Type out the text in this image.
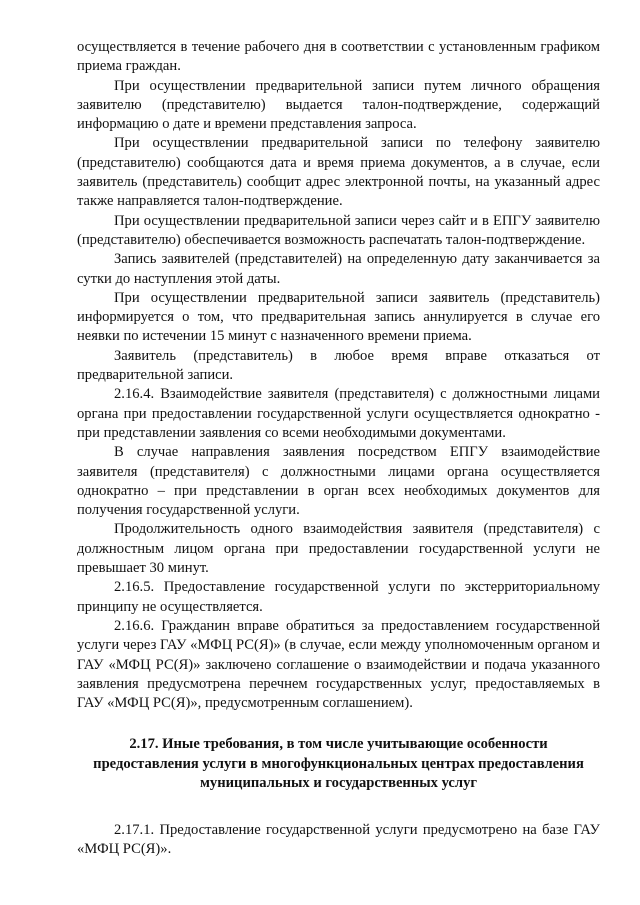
осуществляется в течение рабочего дня в соответствии с установленным графиком приема граждан.

При осуществлении предварительной записи путем личного обращения заявителю (представителю) выдается талон-подтверждение, содержащий информацию о дате и времени представления запроса.

При осуществлении предварительной записи по телефону заявителю (представителю) сообщаются дата и время приема документов, а в случае, если заявитель (представитель) сообщит адрес электронной почты, на указанный адрес также направляется талон-подтверждение.

При осуществлении предварительной записи через сайт и в ЕПГУ заявителю (представителю) обеспечивается возможность распечатать талон-подтверждение.

Запись заявителей (представителей) на определенную дату заканчивается за сутки до наступления этой даты.

При осуществлении предварительной записи заявитель (представитель) информируется о том, что предварительная запись аннулируется в случае его неявки по истечении 15 минут с назначенного времени приема.

Заявитель (представитель) в любое время вправе отказаться от предварительной записи.

2.16.4. Взаимодействие заявителя (представителя) с должностными лицами органа при предоставлении государственной услуги осуществляется однократно - при представлении заявления со всеми необходимыми документами.

В случае направления заявления посредством ЕПГУ взаимодействие заявителя (представителя) с должностными лицами органа осуществляется однократно – при представлении в орган всех необходимых документов для получения государственной услуги.

Продолжительность одного взаимодействия заявителя (представителя) с должностным лицом органа при предоставлении государственной услуги не превышает 30 минут.

2.16.5. Предоставление государственной услуги по экстерриториальному принципу не осуществляется.

2.16.6. Гражданин вправе обратиться за предоставлением государственной услуги через ГАУ «МФЦ РС(Я)» (в случае, если между уполномоченным органом и ГАУ «МФЦ РС(Я)» заключено соглашение о взаимодействии и подача указанного заявления предусмотрена перечнем государственных услуг, предоставляемых в ГАУ «МФЦ РС(Я)», предусмотренным соглашением).

2.17. Иные требования, в том числе учитывающие особенности
предоставления услуги в многофункциональных центрах предоставления
муниципальных и государственных услуг

2.17.1. Предоставление государственной услуги предусмотрено на базе ГАУ «МФЦ РС(Я)».
